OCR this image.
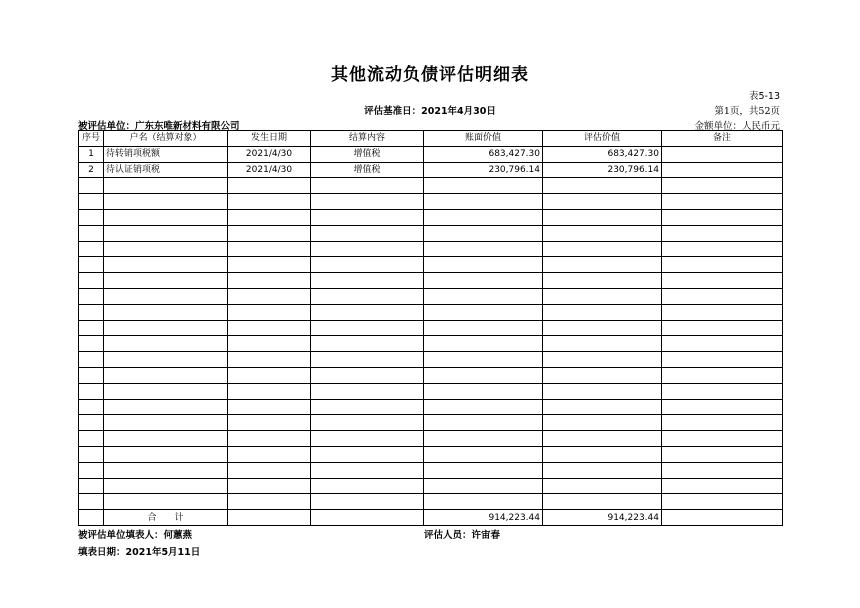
其他流动负债评估明细表
表5-13
评估基准日：2021年4月30日	第1页，共52页
被评估单位：广东东唯新材料有限公司	金额单位：人民币元
序号	户名（结算对象）	发生日期	结算内容	账面价值	评估价值	备注
1	待转销项税额	2021/4/30	增值税	683,427.30	683,427.30	
2	待认证销项税	2021/4/30	增值税	230,796.14	230,796.14	

	合　　计			914,223.44	914,223.44	
被评估单位填表人：何蕙燕	评估人员：许宙春
填表日期：2021年5月11日
